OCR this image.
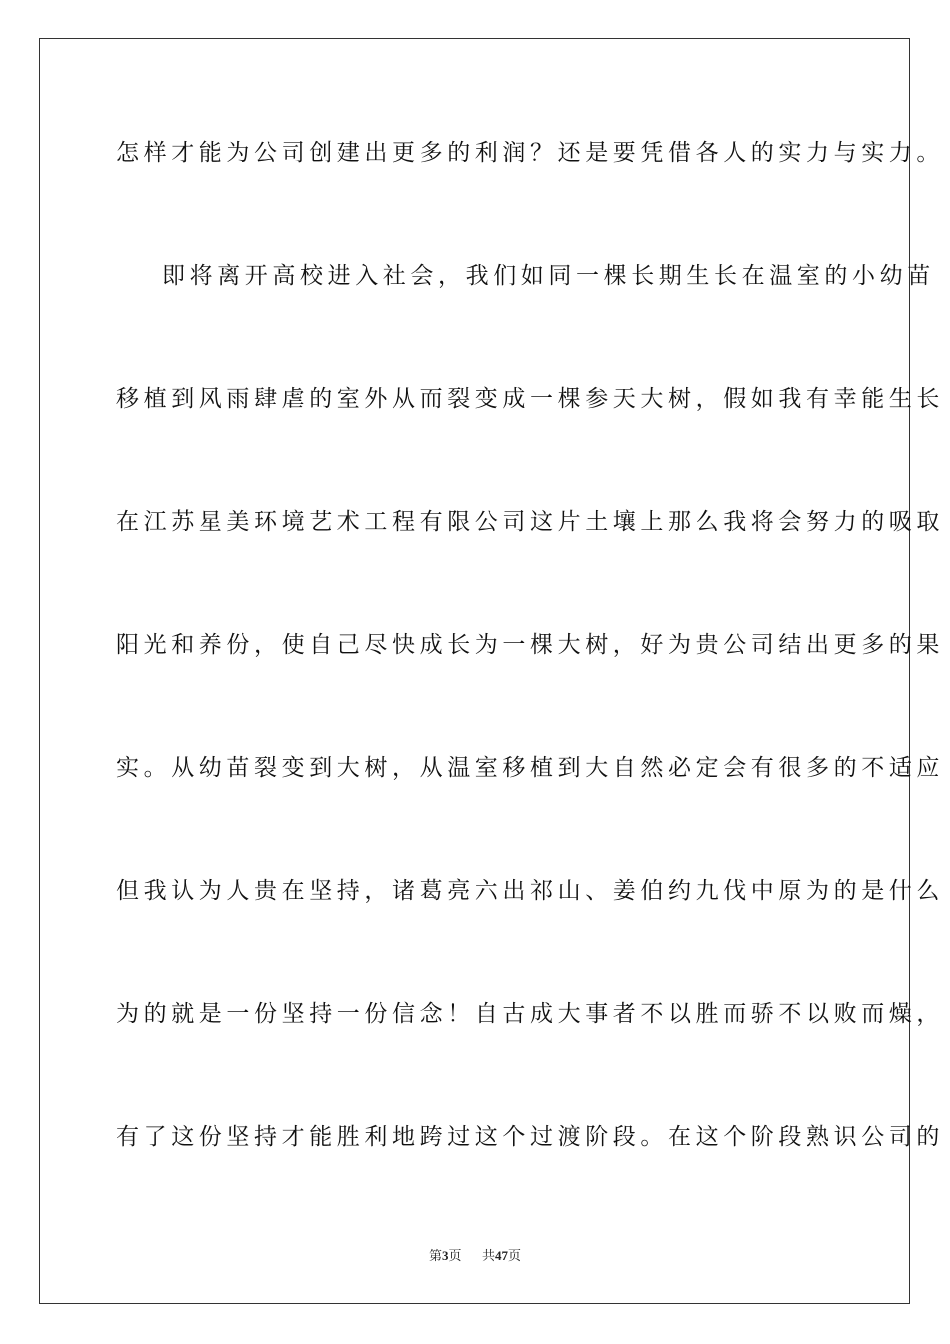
怎样才能为公司创建出更多的利润？还是要凭借各人的实力与实力。
即将离开高校进入社会，我们如同一棵长期生长在温室的小幼苗
移植到风雨肆虐的室外从而裂变成一棵参天大树，假如我有幸能生长
在江苏星美环境艺术工程有限公司这片土壤上那么我将会努力的吸取
阳光和养份，使自己尽快成长为一棵大树，好为贵公司结出更多的果
实。从幼苗裂变到大树，从温室移植到大自然必定会有很多的不适应
但我认为人贵在坚持，诸葛亮六出祁山、姜伯约九伐中原为的是什么
为的就是一份坚持一份信念！自古成大事者不以胜而骄不以败而燥，
有了这份坚持才能胜利地跨过这个过渡阶段。在这个阶段熟识公司的
第3页 共47页
